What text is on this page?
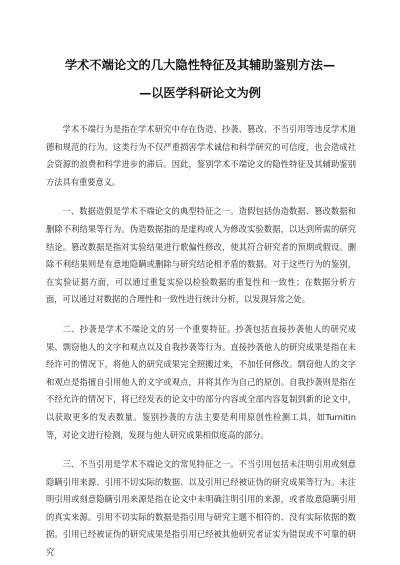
学术不端论文的几大隐性特征及其辅助鉴别方法—
—以医学科研论文为例

学术不端行为是指在学术研究中存在伪造、抄袭、篡改、不当引用等违反学术道德和规范的行为。这类行为不仅严重损害学术诚信和科学研究的可信度，也会造成社会资源的浪费和科学进步的滞后。因此，鉴别学术不端论文的隐性特征及其辅助鉴别方法具有重要意义。

一、数据造假是学术不端论文的典型特征之一。造假包括伪造数据、篡改数据和删除不利结果等行为。伪造数据指的是虚构或人为修改实验数据，以达到所需的研究结论。篡改数据是指对实验结果进行歌偏性修改，使其符合研究者的预期或假设。删除不利结果则是有意地隐瞒或删除与研究结论相矛盾的数据。对于这些行为的鉴别，在实验证据方面，可以通过重复实验以检验数据的重复性和一致性；在数据分析方面，可以通过对数据的合理性和一致性进行统计分析，以发现异常之处。

二、抄袭是学术不端论文的另一个重要特征。抄袭包括直接抄袭他人的研究成果、剽窃他人的文字和观点以及自我抄袭等行为。直接抄袭他人的研究成果是指在未经许可的情况下，将他人的研究成果完全照搬过来，不加任何修改。剽窃他人的文字和观点是指擅自引用他人的文字或观点，并将其作为自己的原创。自我抄袭则是指在不经允许的情况下，将已经发表的论文中的部分内容或全部内容复制到新的论文中，以获取更多的发表数量。鉴别抄袭的方法主要是利用原创性检测工具，如Turnitin 等，对论文进行检测，发现与他人研究成果相似度高的部分。

三、不当引用是学术不端论文的常见特征之一。不当引用包括未注明引用或刻意隐瞒引用来源、引用不切实际的数据、以及引用已经被证伪的研究成果等行为。未注明引用或刻意隐瞒引用来源是指在论文中未明确注明引用的来源，或者故意隐瞒引用的真实来源。引用不切实际的数据是指引用与研究主题不相符的、没有实际依据的数据。引用已经被证伪的研究成果是指引用已经被其他研究者证实为错误或不可靠的研究
